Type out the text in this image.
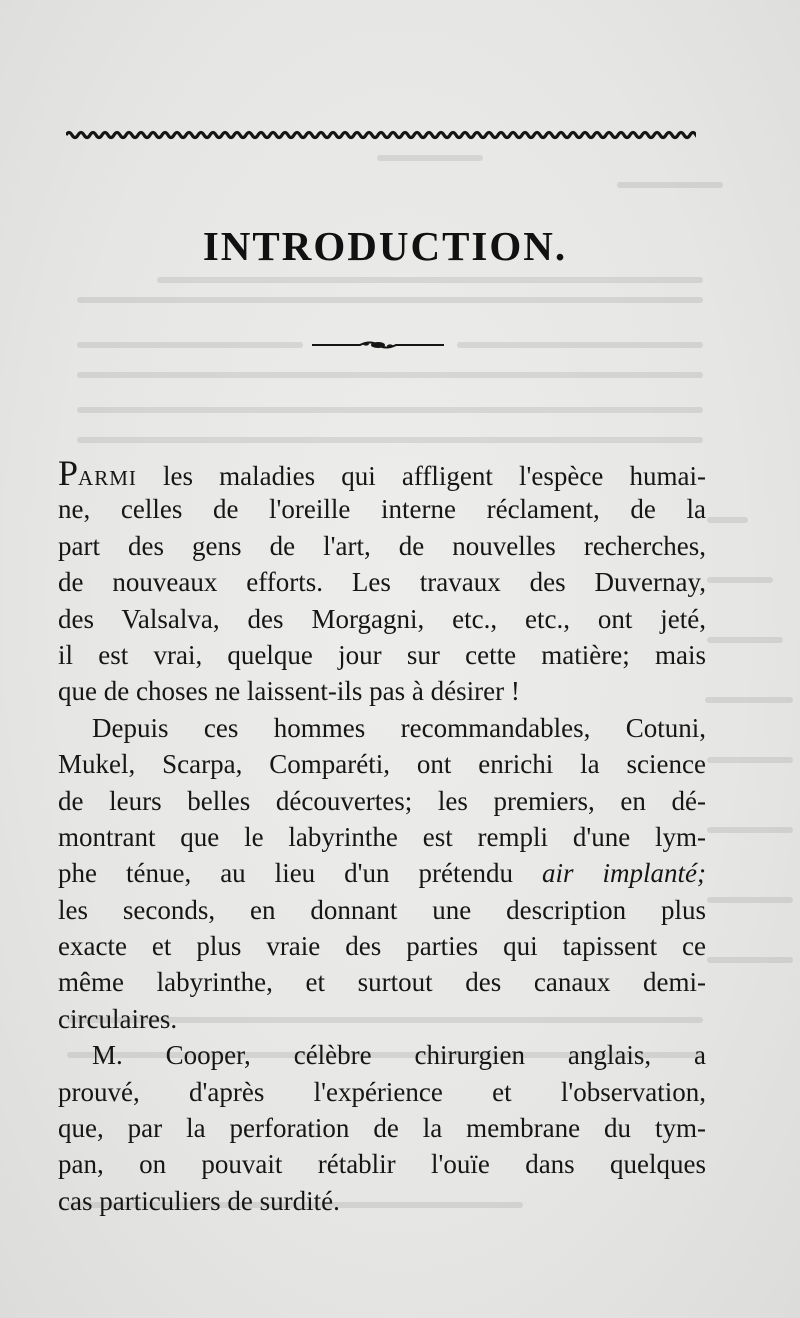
INTRODUCTION.
PARMI les maladies qui affligent l'espèce humai-
ne, celles de l'oreille interne réclament, de la
part des gens de l'art, de nouvelles recherches,
de nouveaux efforts. Les travaux des Duvernay,
des Valsalva, des Morgagni, etc., etc., ont jeté,
il est vrai, quelque jour sur cette matière; mais
que de choses ne laissent-ils pas à désirer !
Depuis ces hommes recommandables, Cotuni,
Mukel, Scarpa, Comparéti, ont enrichi la science
de leurs belles découvertes; les premiers, en dé-
montrant que le labyrinthe est rempli d'une lym-
phe ténue, au lieu d'un prétendu air implanté;
les seconds, en donnant une description plus
exacte et plus vraie des parties qui tapissent ce
même labyrinthe, et surtout des canaux demi-
circulaires.
M. Cooper, célèbre chirurgien anglais, a
prouvé, d'après l'expérience et l'observation,
que, par la perforation de la membrane du tym-
pan, on pouvait rétablir l'ouïe dans quelques
cas particuliers de surdité.
